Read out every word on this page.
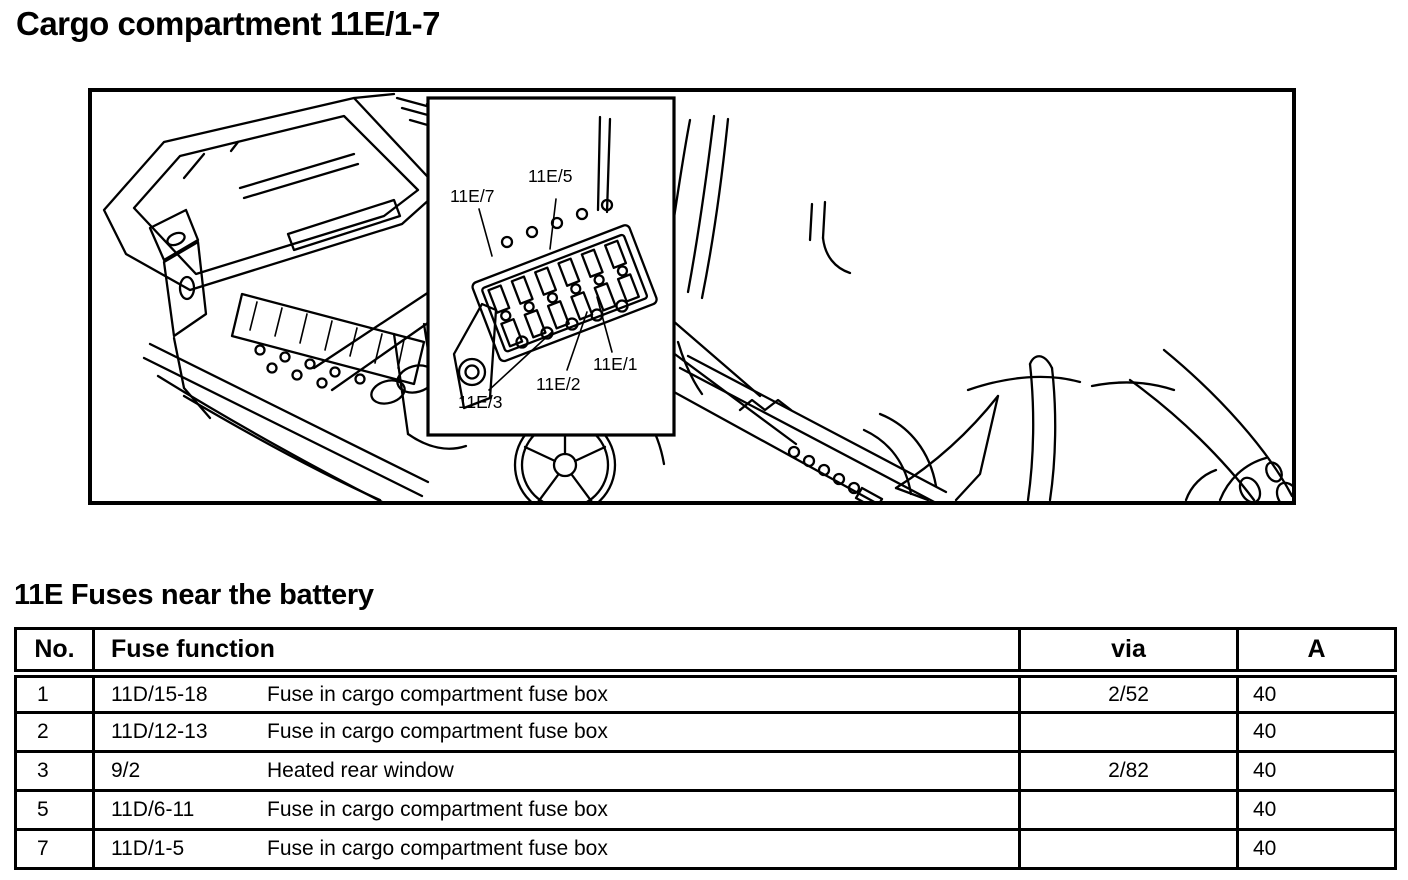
Cargo compartment 11E/1-7
11E/7
11E/5
11E/3
11E/2
11E/1
11E Fuses near the battery
No.	Fuse function	via	A
1	11D/15-18 Fuse in cargo compartment fuse box	2/52	40
2	11D/12-13 Fuse in cargo compartment fuse box		40
3	9/2 Heated rear window	2/82	40
5	11D/6-11 Fuse in cargo compartment fuse box		40
7	11D/1-5 Fuse in cargo compartment fuse box		40
